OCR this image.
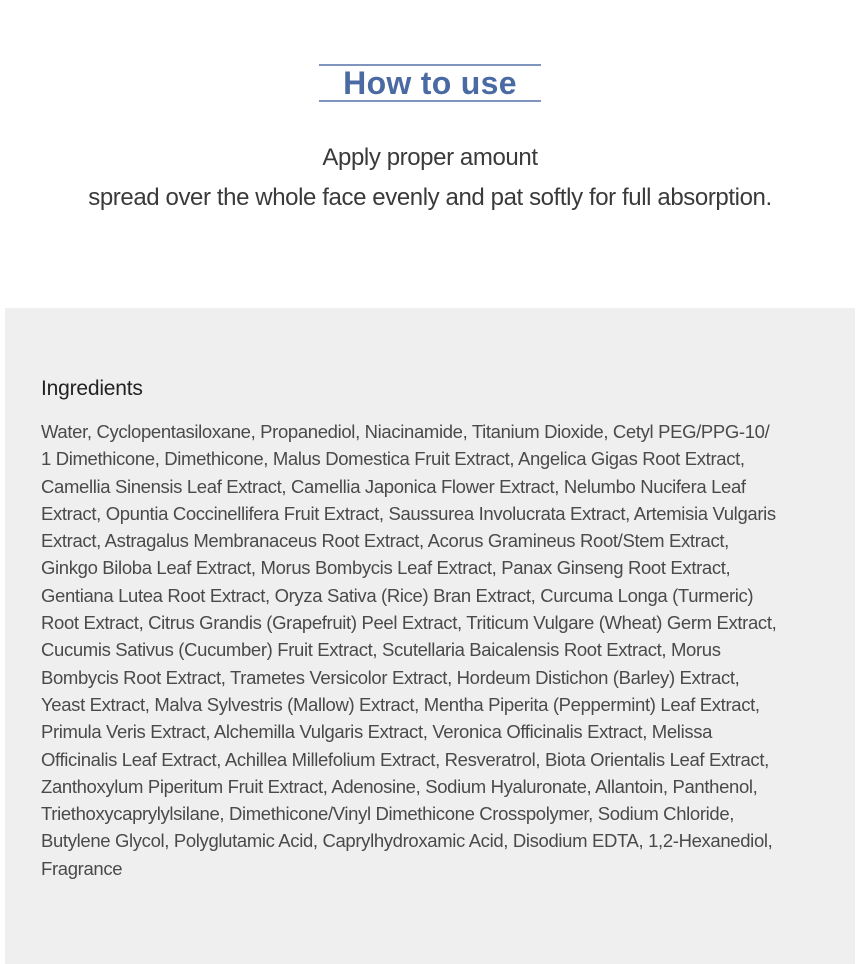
How to use
Apply proper amount
spread over the whole face evenly and pat softly for full absorption.
Ingredients
Water, Cyclopentasiloxane, Propanediol, Niacinamide, Titanium Dioxide, Cetyl PEG/PPG-10/
1 Dimethicone, Dimethicone, Malus Domestica Fruit Extract, Angelica Gigas Root Extract,
Camellia Sinensis Leaf Extract, Camellia Japonica Flower Extract, Nelumbo Nucifera Leaf
Extract, Opuntia Coccinellifera Fruit Extract, Saussurea Involucrata Extract, Artemisia Vulgaris
Extract, Astragalus Membranaceus Root Extract, Acorus Gramineus Root/Stem Extract,
Ginkgo Biloba Leaf Extract, Morus Bombycis Leaf Extract, Panax Ginseng Root Extract,
Gentiana Lutea Root Extract, Oryza Sativa (Rice) Bran Extract, Curcuma Longa (Turmeric)
Root Extract, Citrus Grandis (Grapefruit) Peel Extract, Triticum Vulgare (Wheat) Germ Extract,
Cucumis Sativus (Cucumber) Fruit Extract, Scutellaria Baicalensis Root Extract, Morus
Bombycis Root Extract, Trametes Versicolor Extract, Hordeum Distichon (Barley) Extract,
Yeast Extract, Malva Sylvestris (Mallow) Extract, Mentha Piperita (Peppermint) Leaf Extract,
Primula Veris Extract, Alchemilla Vulgaris Extract, Veronica Officinalis Extract, Melissa
Officinalis Leaf Extract, Achillea Millefolium Extract, Resveratrol, Biota Orientalis Leaf Extract,
Zanthoxylum Piperitum Fruit Extract, Adenosine, Sodium Hyaluronate, Allantoin, Panthenol,
Triethoxycaprylylsilane, Dimethicone/Vinyl Dimethicone Crosspolymer, Sodium Chloride,
Butylene Glycol, Polyglutamic Acid, Caprylhydroxamic Acid, Disodium EDTA, 1,2-Hexanediol,
Fragrance
